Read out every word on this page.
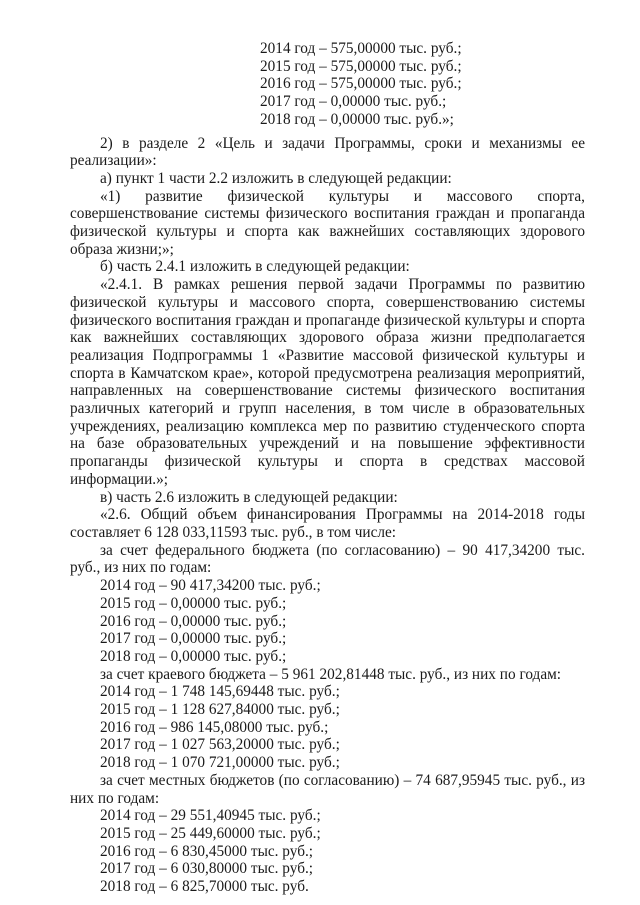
2014 год – 575,00000 тыс. руб.;

2015 год – 575,00000 тыс. руб.;

2016 год – 575,00000 тыс. руб.;

2017 год – 0,00000 тыс. руб.;

2018 год – 0,00000 тыс. руб.»;

2) в разделе 2 «Цель и задачи Программы, сроки и механизмы ее реализации»:

а) пункт 1 части 2.2 изложить в следующей редакции:

«1) развитие физической культуры и массового спорта, совершенствование системы физического воспитания граждан и пропаганда физической культуры и спорта как важнейших составляющих здорового образа жизни;»;

б) часть 2.4.1 изложить в следующей редакции:

«2.4.1. В рамках решения первой задачи Программы по развитию физической культуры и массового спорта, совершенствованию системы физического воспитания граждан и пропаганде физической культуры и спорта как важнейших составляющих здорового образа жизни предполагается реализация Подпрограммы 1 «Развитие массовой физической культуры и спорта в Камчатском крае», которой предусмотрена реализация мероприятий, направленных на совершенствование системы физического воспитания различных категорий и групп населения, в том числе в образовательных учреждениях, реализацию комплекса мер по развитию студенческого спорта на базе образовательных учреждений и на повышение эффективности пропаганды физической культуры и спорта в средствах массовой информации.»;

в) часть 2.6 изложить в следующей редакции:

«2.6. Общий объем финансирования Программы на 2014-2018 годы составляет 6 128 033,11593 тыс. руб., в том числе:

за счет федерального бюджета (по согласованию) – 90 417,34200 тыс. руб., из них по годам:

2014 год – 90 417,34200 тыс. руб.;

2015 год – 0,00000 тыс. руб.;

2016 год – 0,00000 тыс. руб.;

2017 год – 0,00000 тыс. руб.;

2018 год – 0,00000 тыс. руб.;

за счет краевого бюджета – 5 961 202,81448 тыс. руб., из них по годам:

2014 год – 1 748 145,69448 тыс. руб.;

2015 год – 1 128 627,84000 тыс. руб.;

2016 год – 986 145,08000 тыс. руб.;

2017 год – 1 027 563,20000 тыс. руб.;

2018 год – 1 070 721,00000 тыс. руб.;

за счет местных бюджетов (по согласованию) – 74 687,95945 тыс. руб., из них по годам:

2014 год – 29 551,40945 тыс. руб.;

2015 год – 25 449,60000 тыс. руб.;

2016 год – 6 830,45000 тыс. руб.;

2017 год – 6 030,80000 тыс. руб.;

2018 год – 6 825,70000 тыс. руб.
